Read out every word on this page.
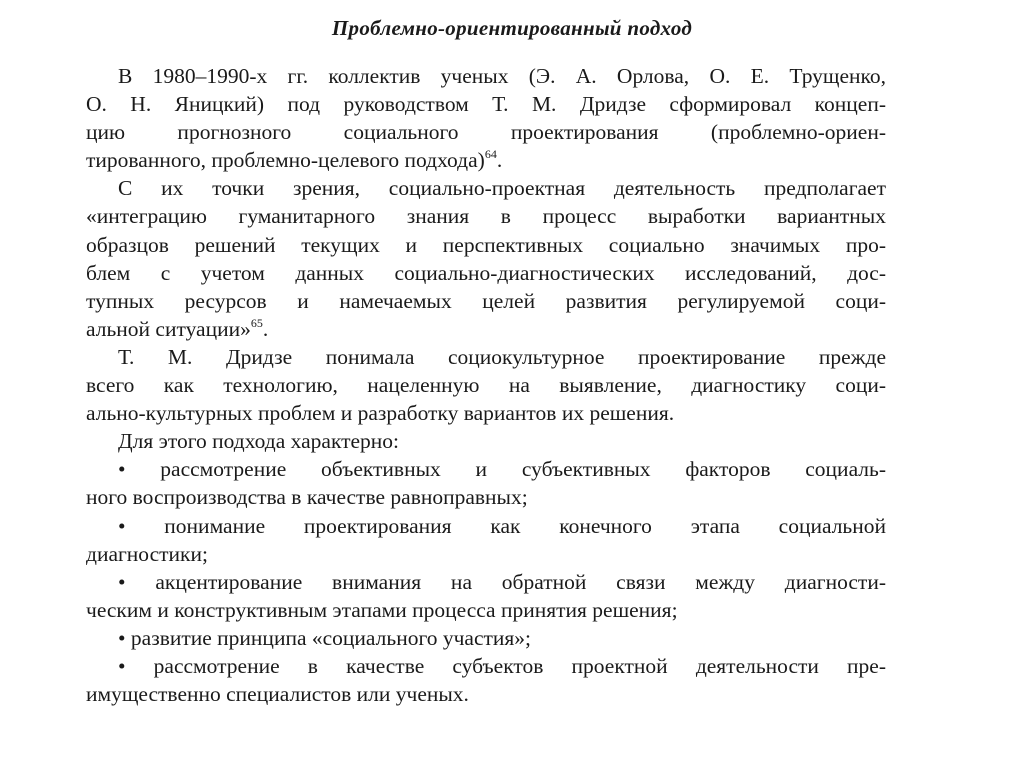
Проблемно-ориентированный подход
В 1980–1990-х гг. коллектив ученых (Э. А. Орлова, О. Е. Трущенко,
О. Н. Яницкий) под руководством Т. М. Дридзе сформировал концеп-
цию прогнозного социального проектирования (проблемно-ориен-
тированного, проблемно-целевого подхода)$^{64}$.
С их точки зрения, социально-проектная деятельность предполагает
«интеграцию гуманитарного знания в процесс выработки вариантных
образцов решений текущих и перспективных социально значимых про-
блем с учетом данных социально-диагностических исследований, дос-
тупных ресурсов и намечаемых целей развития регулируемой соци-
альной ситуации»$^{65}$.
Т. М. Дридзе понимала социокультурное проектирование прежде
всего как технологию, нацеленную на выявление, диагностику соци-
ально-культурных проблем и разработку вариантов их решения.
Для этого подхода характерно:
• рассмотрение объективных и субъективных факторов социаль-
ного воспроизводства в качестве равноправных;
• понимание проектирования как конечного этапа социальной
диагностики;
• акцентирование внимания на обратной связи между диагности-
ческим и конструктивным этапами процесса принятия решения;
• развитие принципа «социального участия»;
• рассмотрение в качестве субъектов проектной деятельности пре-
имущественно специалистов или ученых.
